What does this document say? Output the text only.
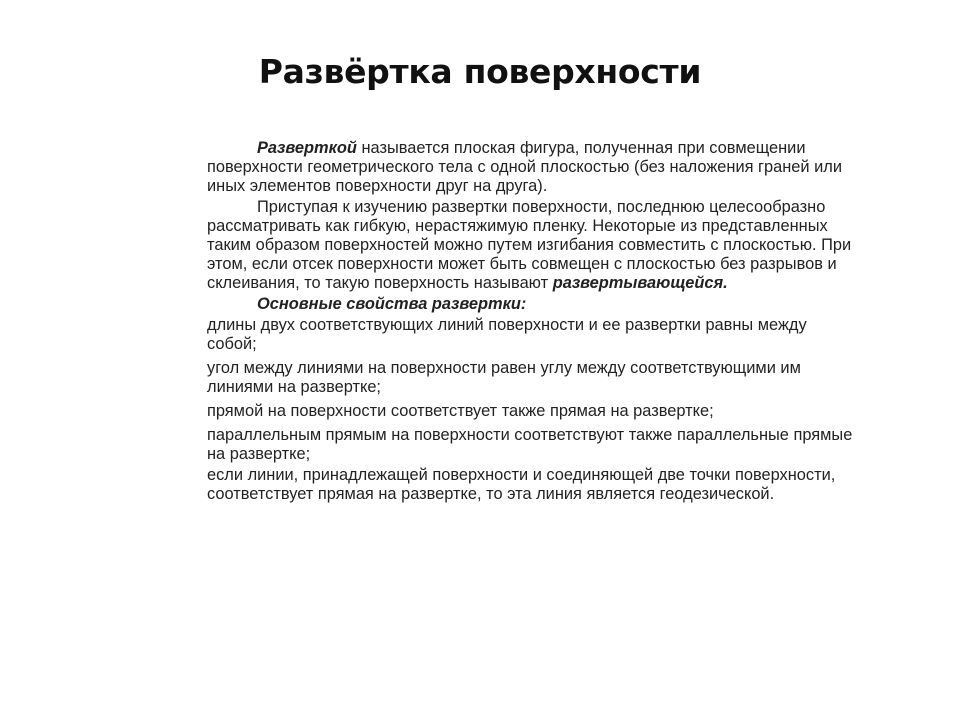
Развёртка поверхности

Разверткой называется плоская фигура, полученная при совмещении поверхности геометрического тела с одной плоскостью (без наложения граней или иных элементов поверхности друг на друга).

Приступая к изучению развертки поверхности, последнюю целесообразно рассматривать как гибкую, нерастяжимую пленку. Некоторые из представленных таким образом поверхностей можно путем изгибания совместить с плоскостью. При этом, если отсек поверхности может быть совмещен с плоскостью без разрывов и склеивания, то такую поверхность называют развертывающейся.

Основные свойства развертки:

длины двух соответствующих линий поверхности и ее развертки равны между собой;

угол между линиями на поверхности равен углу между соответствующими им линиями на развертке;

прямой на поверхности соответствует также прямая на развертке;

параллельным прямым на поверхности соответствуют также параллельные прямые на развертке;

если линии, принадлежащей поверхности и соединяющей две точки поверхности, соответствует прямая на развертке, то эта линия является геодезической.
